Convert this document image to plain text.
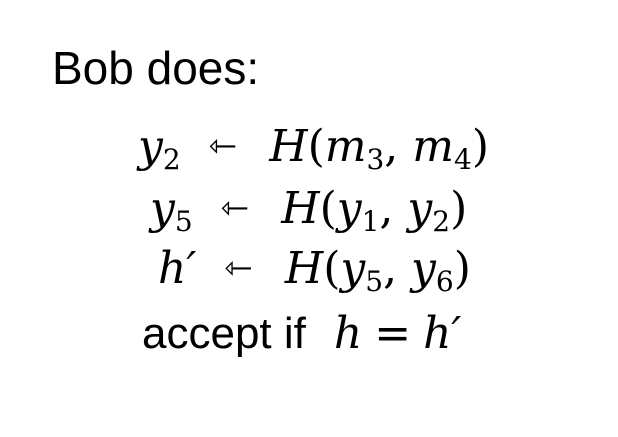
Bob does:
$y_2$ ⇽ $H(m_3$, $m_4$)
$y_5$ ⇽ $H(y_1$, $y_2$)
h′ ⇽ $H(y_5$, $y_6$)
accept if h = h′
